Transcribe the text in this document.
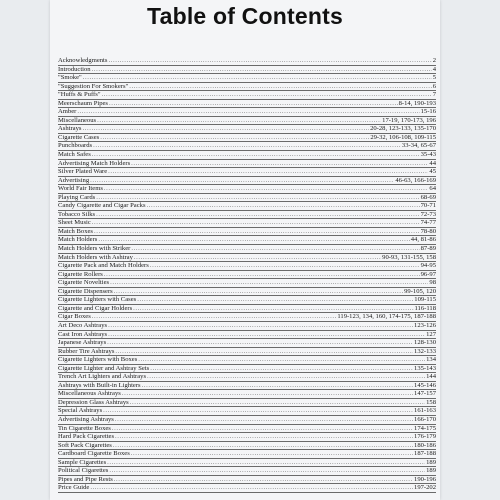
Table of Contents
Acknowledgments .....	2
Introduction .....	4
"Smoke" .....	5
"Suggestion For Smokers" .....	6
"Huffs & Puffs" .....	7
Meerschaum Pipes .....	8-14, 190-193
Amber .....	15-16
Miscellaneous .....	17-19, 170-173, 196
Ashtrays .....	20-28, 123-133, 135-170
Cigarette Cases .....	29-32, 106-108, 109-115
Punchboards .....	33-34, 65-67
Match Safes .....	35-43
Advertising Match Holders .....	44
Silver Plated Ware .....	45
Advertising .....	46-63, 166-169
World Fair Items .....	64
Playing Cards .....	68-69
Candy Cigarette and Cigar Packs .....	70-71
Tobacco Silks .....	72-73
Sheet Music .....	74-77
Match Boxes .....	78-80
Match Holders .....	44, 81-86
Match Holders with Striker .....	87-89
Match Holders with Ashtray .....	90-93, 131-155, 158
Cigarette Pack and Match Holders .....	94-95
Cigarette Rollers .....	96-97
Cigarette Novelties .....	98
Cigarette Dispensers .....	99-105, 120
Cigarette Lighters with Cases .....	109-115
Cigarette and Cigar Holders .....	116-118
Cigar Boxes .....	119-123, 134, 160, 174-175, 187-188
Art Deco Ashtrays .....	123-126
Cast Iron Ashtrays .....	127
Japanese Ashtrays .....	128-130
Rubber Tire Ashtrays .....	132-133
Cigarette Lighters with Boxes .....	134
Cigarette Lighter and Ashtray Sets .....	135-143
Trench Art Lighters and Ashtrays .....	144
Ashtrays with Built-in Lighters .....	145-146
Miscellaneous Ashtrays .....	147-157
Depression Glass Ashtrays .....	158
Special Ashtrays .....	161-163
Advertising Ashtrays .....	166-170
Tin Cigarette Boxes .....	174-175
Hard Pack Cigarettes .....	176-179
Soft Pack Cigarettes .....	180-186
Cardboard Cigarette Boxes .....	187-188
Sample Cigarettes .....	189
Political Cigarettes .....	189
Pipes and Pipe Rests .....	190-196
Price Guide .....	197-202
